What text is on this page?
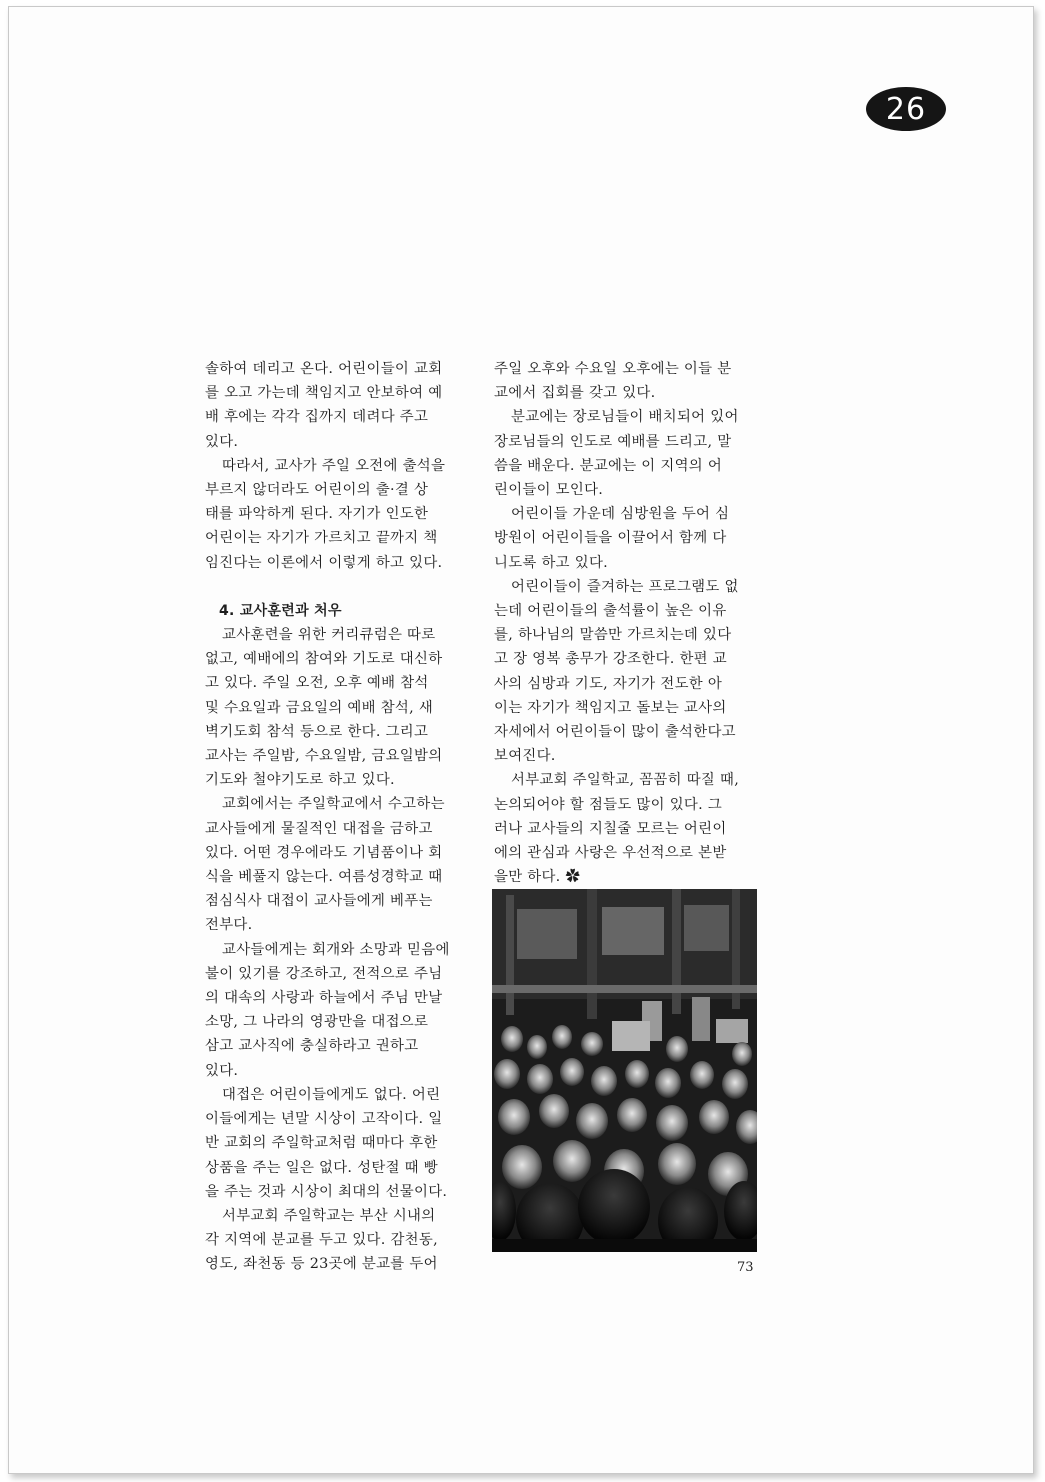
26

솔하여 데리고 온다. 어린이들이 교회

를 오고 가는데 책임지고 안보하여 예

배 후에는 각각 집까지 데려다 주고

있다.

따라서, 교사가 주일 오전에 출석을

부르지 않더라도 어린이의 출·결 상

태를 파악하게 된다. 자기가 인도한

어린이는 자기가 가르치고 끝까지 책

임진다는 이론에서 이렇게 하고 있다.

4. 교사훈련과 처우

교사훈련을 위한 커리큐럼은 따로

없고, 예배에의 참여와 기도로 대신하

고 있다. 주일 오전, 오후 예배 참석

및 수요일과 금요일의 예배 참석, 새

벽기도회 참석 등으로 한다. 그리고

교사는 주일밤, 수요일밤, 금요일밤의

기도와 철야기도로 하고 있다.

교회에서는 주일학교에서 수고하는

교사들에게 물질적인 대접을 금하고

있다. 어떤 경우에라도 기념품이나 회

식을 베풀지 않는다. 여름성경학교 때

점심식사 대접이 교사들에게 베푸는

전부다.

교사들에게는 회개와 소망과 믿음에

불이 있기를 강조하고, 전적으로 주님

의 대속의 사랑과 하늘에서 주님 만날

소망, 그 나라의 영광만을 대접으로

삼고 교사직에 충실하라고 권하고

있다.

대접은 어린이들에게도 없다. 어린

이들에게는 년말 시상이 고작이다. 일

반 교회의 주일학교처럼 때마다 후한

상품을 주는 일은 없다. 성탄절 때 빵

을 주는 것과 시상이 최대의 선물이다.

서부교회 주일학교는 부산 시내의

각 지역에 분교를 두고 있다. 감천동,

영도, 좌천동 등 23곳에 분교를 두어

주일 오후와 수요일 오후에는 이들 분

교에서 집회를 갖고 있다.

분교에는 장로님들이 배치되어 있어

장로님들의 인도로 예배를 드리고, 말

씀을 배운다. 분교에는 이 지역의 어

린이들이 모인다.

어린이들 가운데 심방원을 두어 심

방원이 어린이들을 이끌어서 함께 다

니도록 하고 있다.

어린이들이 즐겨하는 프로그램도 없

는데 어린이들의 출석률이 높은 이유

를, 하나님의 말씀만 가르치는데 있다

고 장 영복 총무가 강조한다. 한편 교

사의 심방과 기도, 자기가 전도한 아

이는 자기가 책임지고 돌보는 교사의

자세에서 어린이들이 많이 출석한다고

보여진다.

서부교회 주일학교, 꼼꼼히 따질 때,

논의되어야 할 점들도 많이 있다. 그

러나 교사들의 지칠줄 모르는 어린이

에의 관심과 사랑은 우선적으로 본받

을만 하다. ✿

73
